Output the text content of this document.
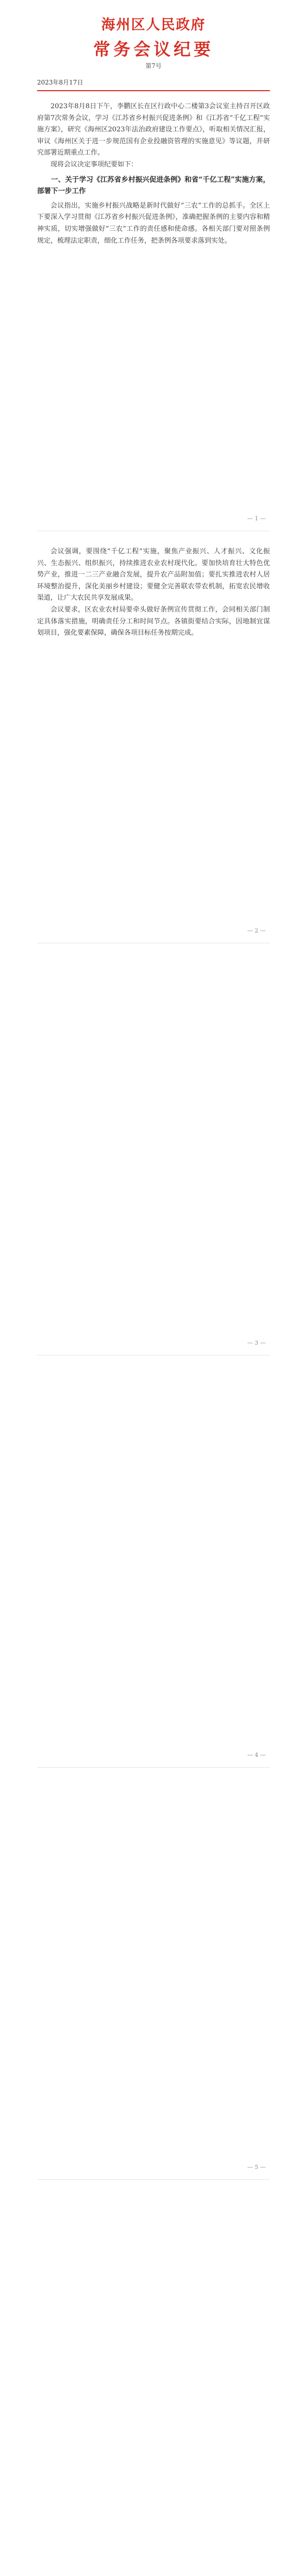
海州区人民政府
常务会议纪要
第7号
2023年8月17日

2023年8月8日下午，李鹏区长在区行政中心二楼第3会议室主持召开区政府第7次常务会议，学习《江苏省乡村振兴促进条例》和《江苏省“千亿工程”实施方案》，研究《海州区2023年法治政府建设工作要点》，听取相关情况汇报，审议《海州区关于进一步规范国有企业投融资管理的实施意见》等议题，并研究部署近期重点工作。

现将会议决定事项纪要如下：

一、关于学习《江苏省乡村振兴促进条例》和省“千亿工程”实施方案，部署下一步工作

会议指出，实施乡村振兴战略是新时代做好“三农”工作的总抓手。全区上下要深入学习贯彻《江苏省乡村振兴促进条例》，准确把握条例的主要内容和精神实质，切实增强做好“三农”工作的责任感和使命感。各相关部门要对照条例规定，梳理法定职责，细化工作任务，把条例各项要求落到实处。

— 1 —

会议强调，要围绕“千亿工程”实施，聚焦产业振兴、人才振兴、文化振兴、生态振兴、组织振兴，持续推进农业农村现代化。要加快培育壮大特色优势产业，推进一二三产业融合发展，提升农产品附加值；要扎实推进农村人居环境整治提升，深化美丽乡村建设；要健全完善联农带农机制，拓宽农民增收渠道，让广大农民共享发展成果。

会议要求，区农业农村局要牵头做好条例宣传贯彻工作，会同相关部门制定具体落实措施，明确责任分工和时间节点。各镇街要结合实际，因地制宜谋划项目，强化要素保障，确保各项目标任务按期完成。

— 2 —
— 3 —
— 4 —
— 5 —
